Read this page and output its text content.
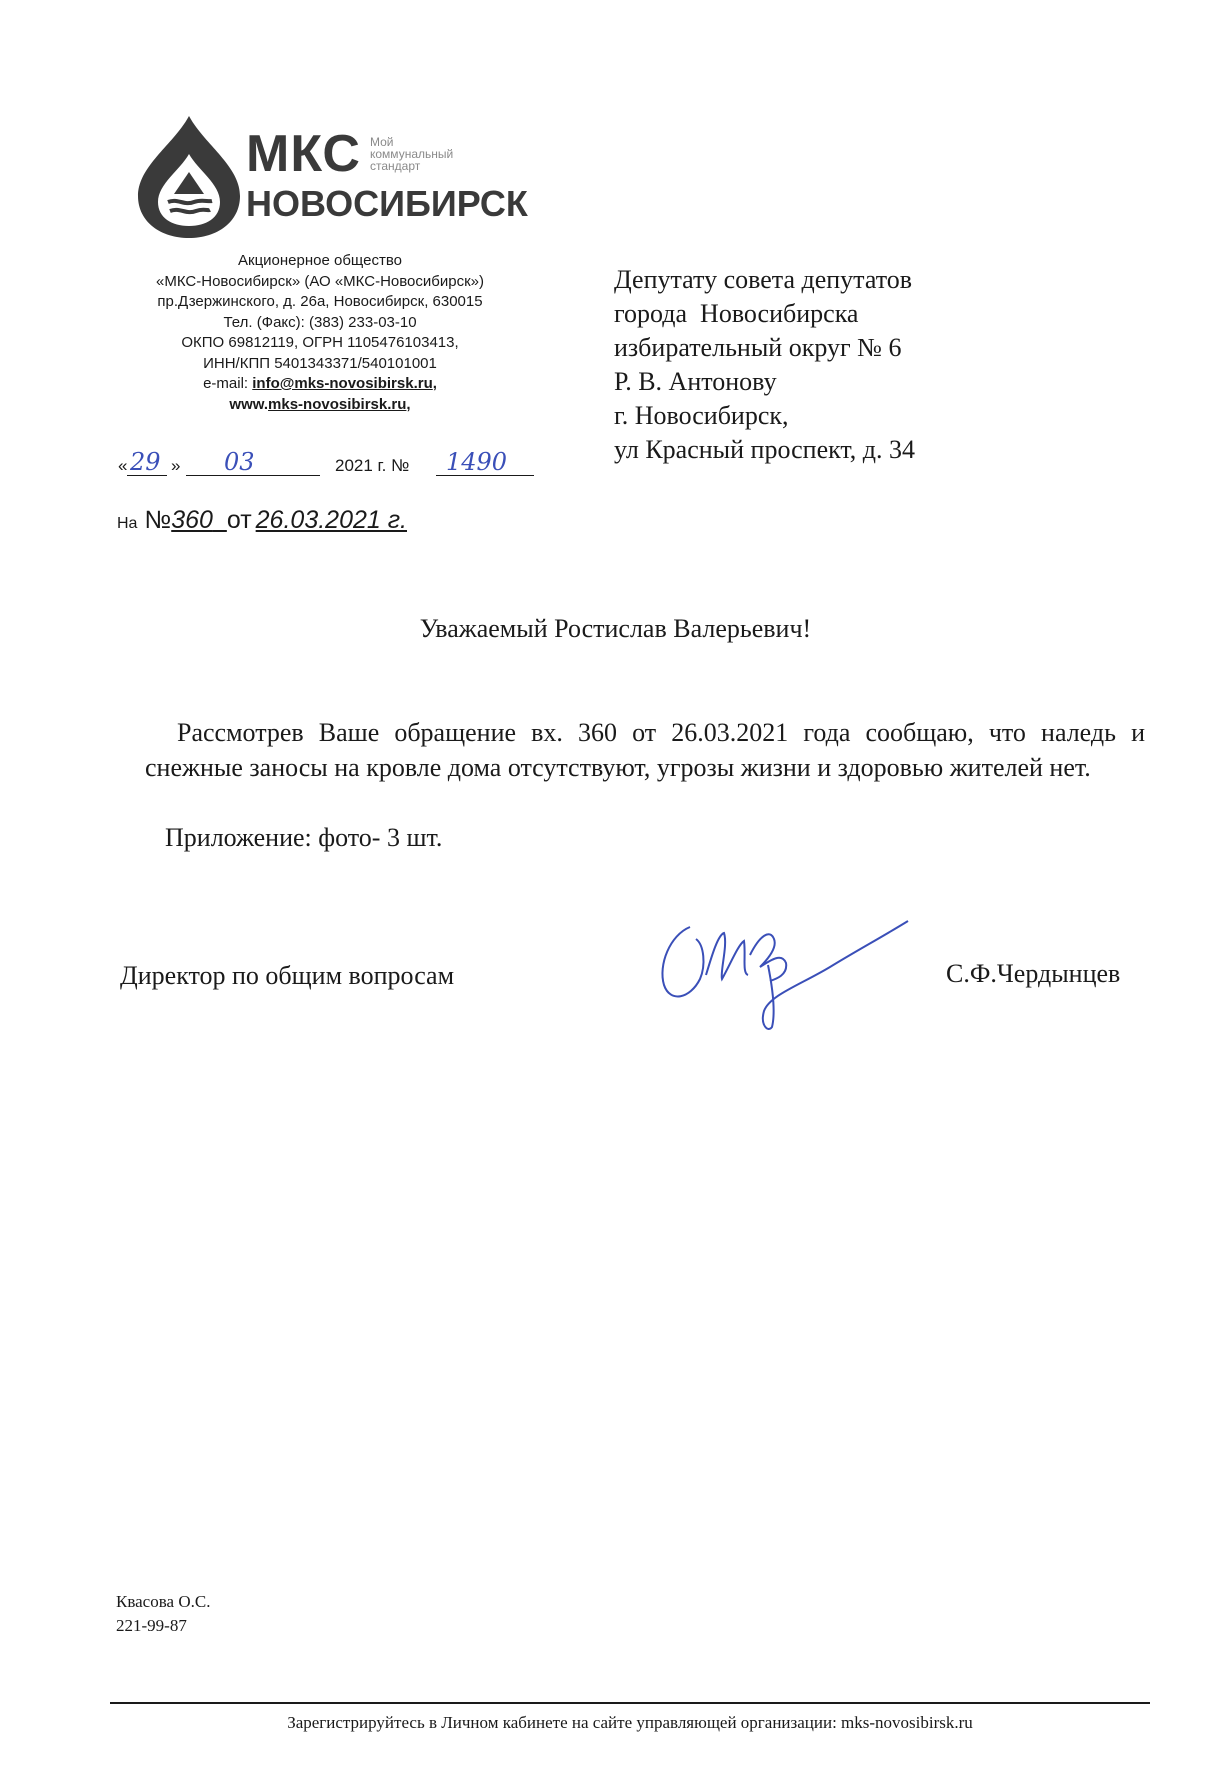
МКС Мой
коммунальный
стандарт
НОВОСИБИРСК
Акционерное общество
«МКС-Новосибирск» (АО «МКС-Новосибирск»)
пр.Дзержинского, д. 26а, Новосибирск, 630015
Тел. (Факс): (383) 233-03-10
ОКПО 69812119, ОГРН 1105476103413,
ИНН/КПП 5401343371/540101001
e-mail: info@mks-novosibirsk.ru,
www.mks-novosibirsk.ru,
« 29 » 03	2021 г. № 1490
На №360 от 26.03.2021 г.
Депутату совета депутатов
города  Новосибирска
избирательный округ № 6
Р. В. Антонову
г. Новосибирск,
ул Красный проспект, д. 34
Уважаемый Ростислав Валерьевич!

Рассмотрев Ваше обращение вх. 360 от 26.03.2021 года сообщаю, что наледь и снежные заносы на кровле дома отсутствуют, угрозы жизни и здоровью жителей нет.

Приложение: фото- 3 шт.
Директор по общим вопросам	С.Ф.Чердынцев
Квасова О.С.
221-99-87
Зарегистрируйтесь в Личном кабинете на сайте управляющей организации: mks-novosibirsk.ru
